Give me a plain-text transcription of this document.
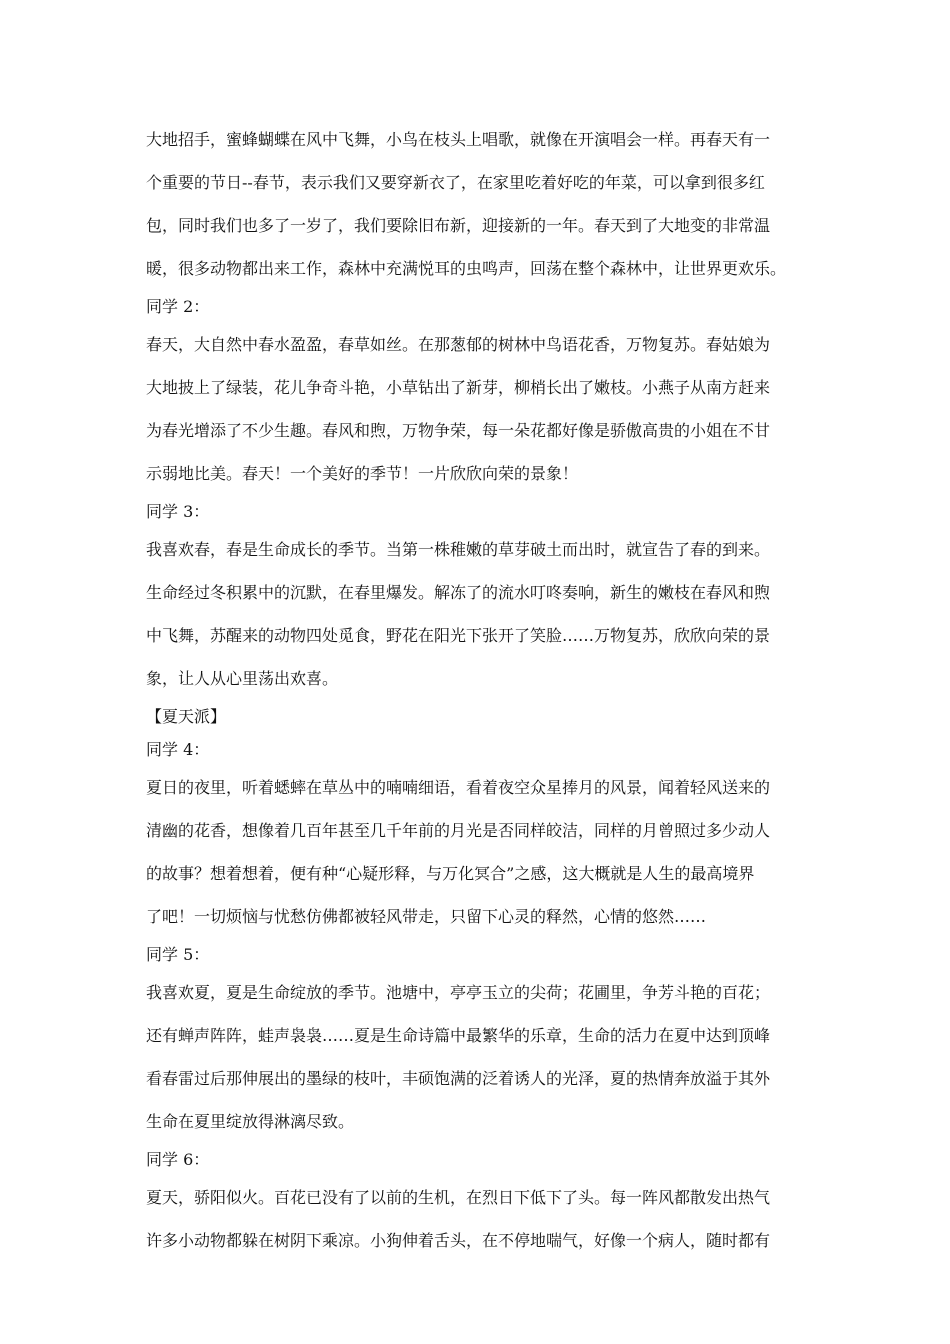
大地招手，蜜蜂蝴蝶在风中飞舞，小鸟在枝头上唱歌，就像在开演唱会一样。再春天有一
个重要的节日--春节，表示我们又要穿新衣了，在家里吃着好吃的年菜，可以拿到很多红
包，同时我们也多了一岁了，我们要除旧布新，迎接新的一年。春天到了大地变的非常温
暖，很多动物都出来工作，森林中充满悦耳的虫鸣声，回荡在整个森林中，让世界更欢乐。
同学 2：
春天，大自然中春水盈盈，春草如丝。在那葱郁的树林中鸟语花香，万物复苏。春姑娘为
大地披上了绿装，花儿争奇斗艳，小草钻出了新芽，柳梢长出了嫩枝。小燕子从南方赶来
为春光增添了不少生趣。春风和煦，万物争荣，每一朵花都好像是骄傲高贵的小姐在不甘
示弱地比美。春天！一个美好的季节！一片欣欣向荣的景象！
同学 3：
我喜欢春，春是生命成长的季节。当第一株稚嫩的草芽破土而出时，就宣告了春的到来。
生命经过冬积累中的沉默，在春里爆发。解冻了的流水叮咚奏响，新生的嫩枝在春风和煦
中飞舞，苏醒来的动物四处觅食，野花在阳光下张开了笑脸……万物复苏，欣欣向荣的景
象，让人从心里荡出欢喜。
【夏天派】
同学 4：
夏日的夜里，听着蟋蟀在草丛中的喃喃细语，看着夜空众星捧月的风景，闻着轻风送来的
清幽的花香，想像着几百年甚至几千年前的月光是否同样皎洁，同样的月曾照过多少动人
的故事？想着想着，便有种“心疑形释，与万化冥合”之感，这大概就是人生的最高境界
了吧！一切烦恼与忧愁仿佛都被轻风带走，只留下心灵的释然，心情的悠然……
同学 5：
我喜欢夏，夏是生命绽放的季节。池塘中，亭亭玉立的尖荷；花圃里，争芳斗艳的百花；
还有蝉声阵阵，蛙声袅袅……夏是生命诗篇中最繁华的乐章，生命的活力在夏中达到顶峰
看春雷过后那伸展出的墨绿的枝叶，丰硕饱满的泛着诱人的光泽，夏的热情奔放溢于其外
生命在夏里绽放得淋漓尽致。
同学 6：
夏天，骄阳似火。百花已没有了以前的生机，在烈日下低下了头。每一阵风都散发出热气
许多小动物都躲在树阴下乘凉。小狗伸着舌头，在不停地喘气，好像一个病人，随时都有
